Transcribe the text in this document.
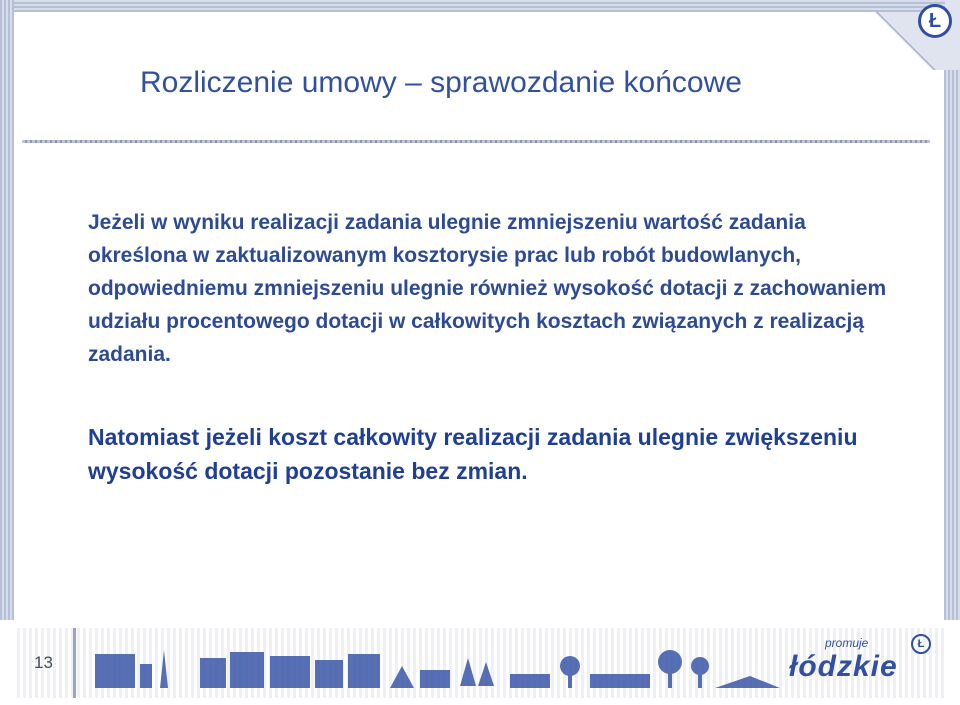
Ł
Rozliczenie umowy – sprawozdanie końcowe

Jeżeli w wyniku realizacji zadania ulegnie zmniejszeniu wartość zadania określona w zaktualizowanym kosztorysie prac lub robót budowlanych, odpowiedniemu zmniejszeniu ulegnie również wysokość dotacji z zachowaniem udziału procentowego dotacji w całkowitych kosztach związanych z realizacją zadania.

Natomiast jeżeli koszt całkowity realizacji zadania ulegnie zwiększeniu wysokość dotacji pozostanie bez zmian.

13
promuje
łódzkie
Ł
